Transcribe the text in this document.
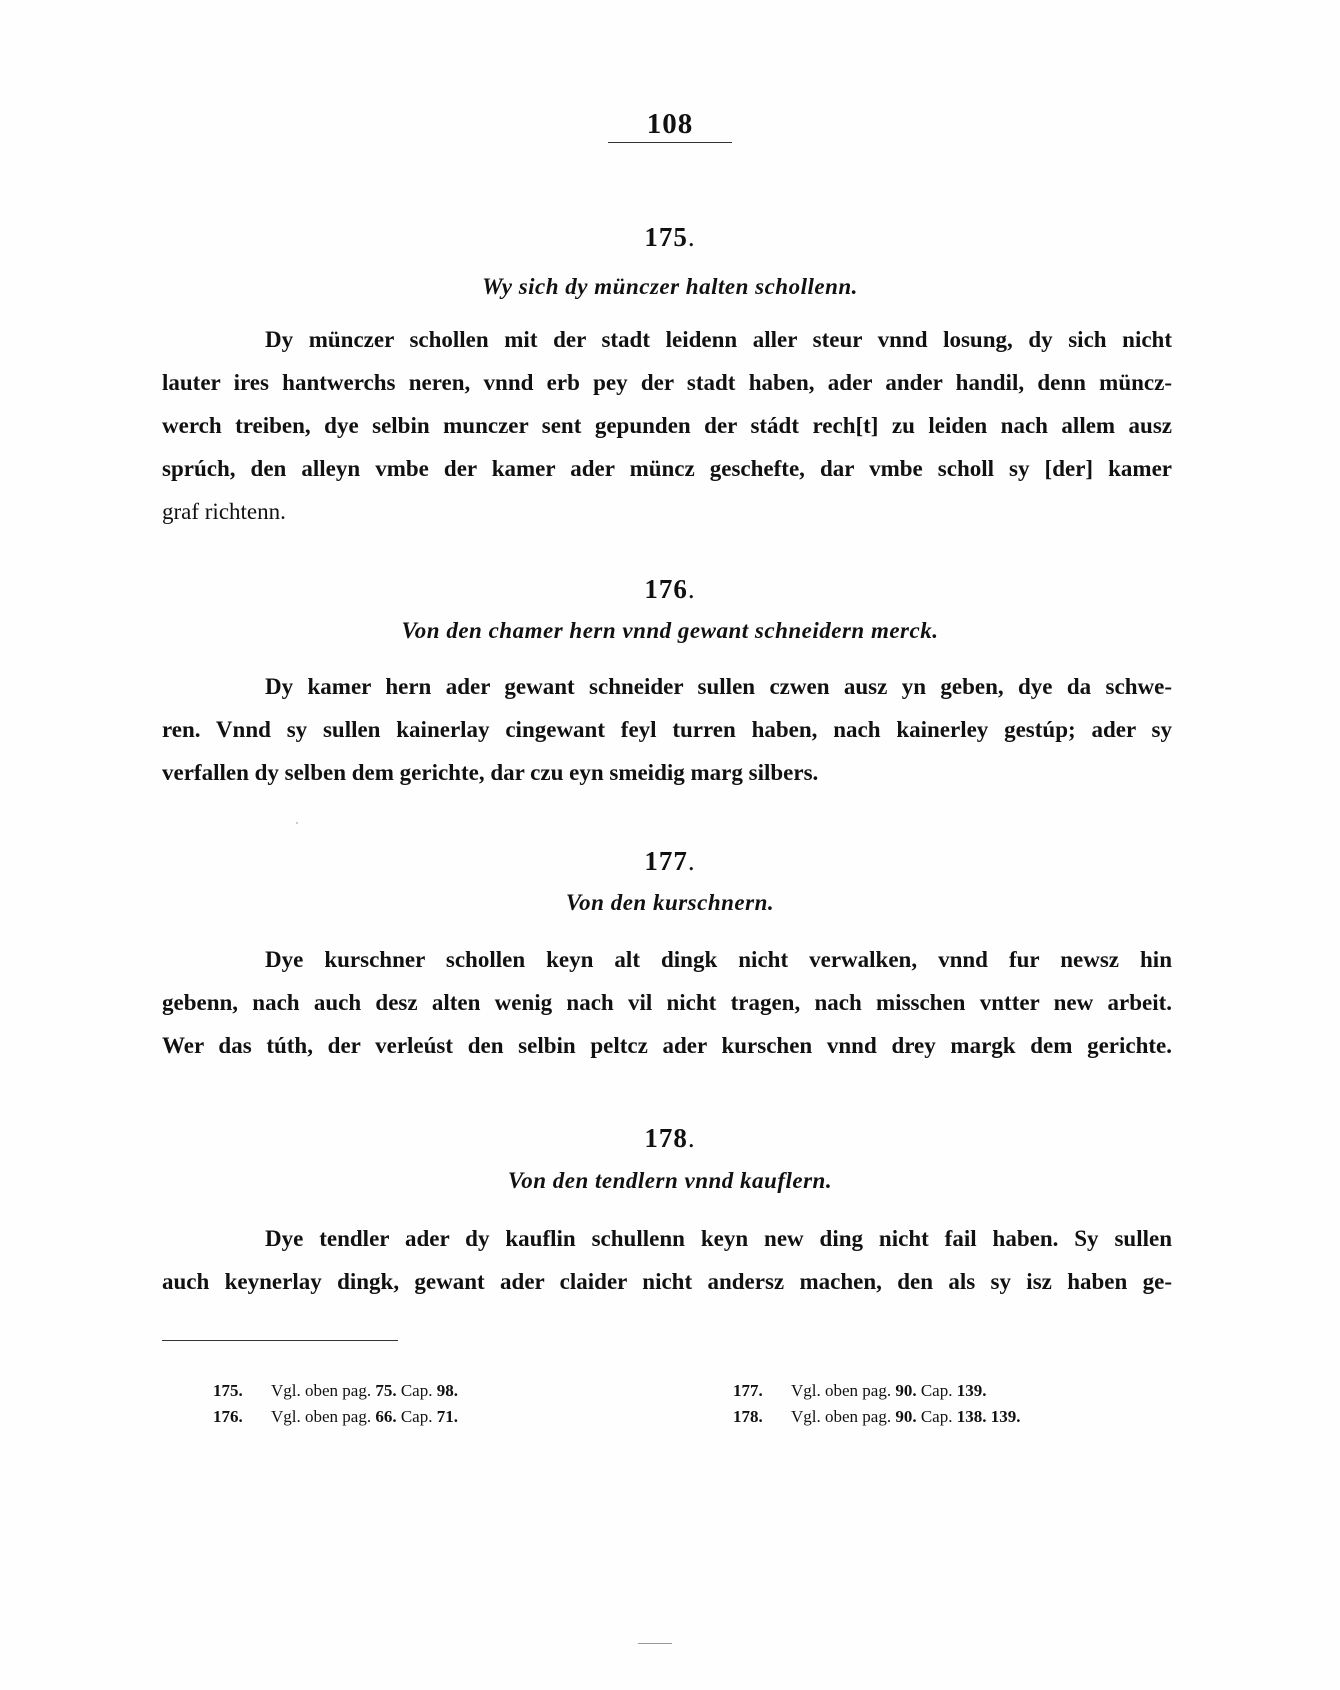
108
175.
Wy sich dy münczer halten schollenn.
Dy münczer schollen mit der stadt leidenn aller steur vnnd losung, dy sich nicht
lauter ires hantwerchs neren, vnnd erb pey der stadt haben, ader ander handil, denn müncz-
werch treiben, dye selbin munczer sent gepunden der stádt rech[t] zu leiden nach allem ausz
sprúch, den alleyn vmbe der kamer ader müncz geschefte, dar vmbe scholl sy [der] kamer
graf richtenn.
176.
Von den chamer hern vnnd gewant schneidern merck.
Dy kamer hern ader gewant schneider sullen czwen ausz yn geben, dye da schwe-
ren. Vnnd sy sullen kainerlay cingewant feyl turren haben, nach kainerley gestúp; ader sy
verfallen dy selben dem gerichte, dar czu eyn smeidig marg silbers.
177.
Von den kurschnern.
Dye kurschner schollen keyn alt dingk nicht verwalken, vnnd fur newsz hin
gebenn, nach auch desz alten wenig nach vil nicht tragen, nach misschen vntter new arbeit.
Wer das túth, der verleúst den selbin peltcz ader kurschen vnnd drey margk dem gerichte.
178.
Von den tendlern vnnd kauflern.
Dye tendler ader dy kauflin schullenn keyn new ding nicht fail haben. Sy sullen
auch keynerlay dingk, gewant ader claider nicht andersz machen, den als sy isz haben ge-
175. Vgl. oben pag. 75. Cap. 98.
176. Vgl. oben pag. 66. Cap. 71.
177. Vgl. oben pag. 90. Cap. 139.
178. Vgl. oben pag. 90. Cap. 138. 139.
